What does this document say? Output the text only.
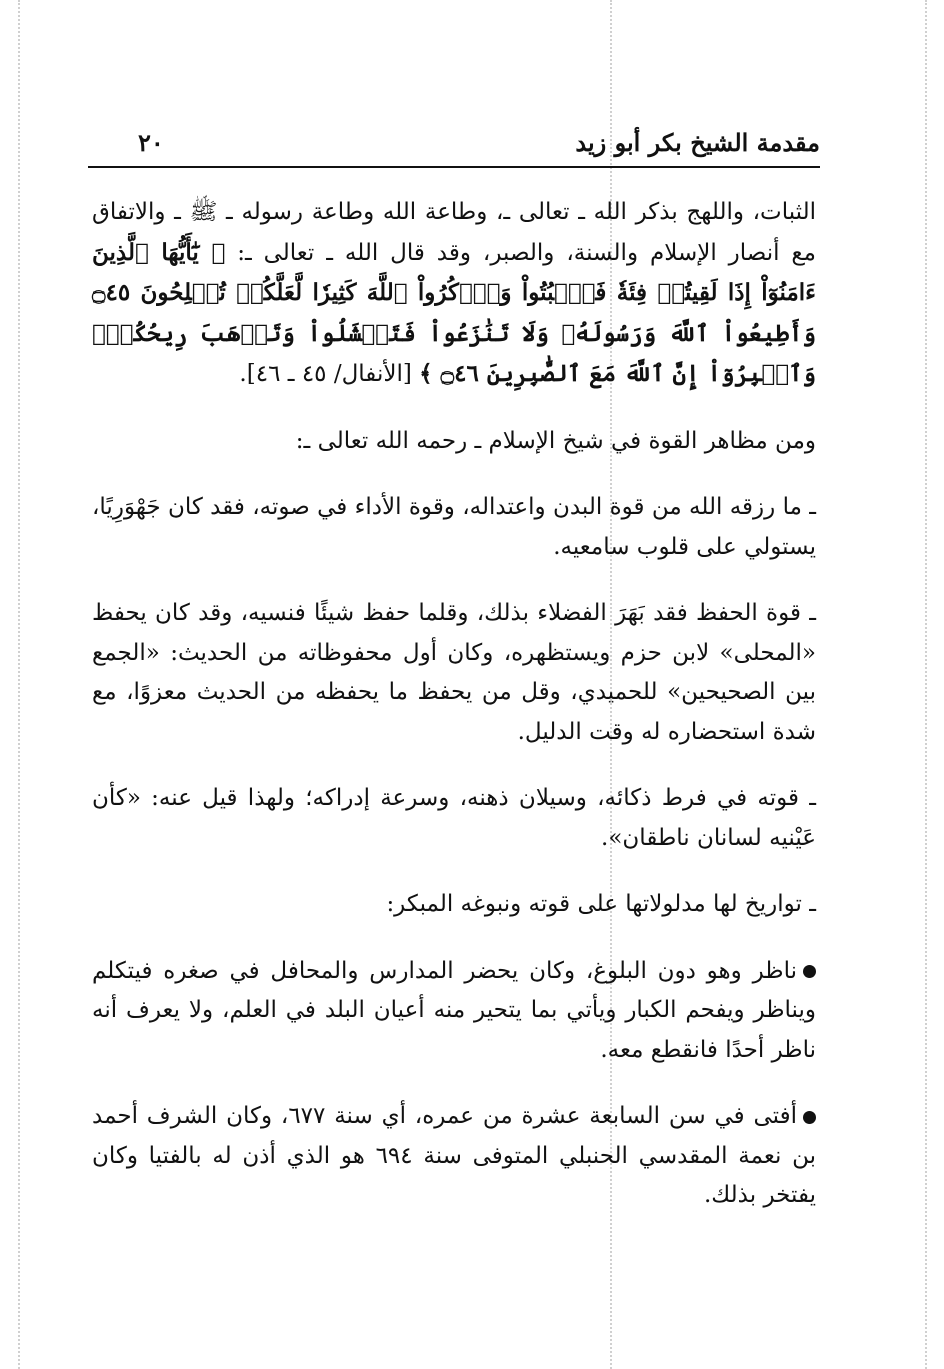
٢٠	مقدمة الشيخ بكر أبو زيد

الثبات، واللهج بذكر الله ـ تعالى ـ، وطاعة الله وطاعة رسوله ـ ﷺ ـ والاتفاق مع أنصار الإسلام والسنة، والصبر، وقد قال الله ـ تعالى ـ: ﴿ يَٰٓأَيُّهَا ٱلَّذِينَ ءَامَنُوٓاْ إِذَا لَقِيتُمۡ فِئَةٗ فَٱثۡبُتُواْ وَٱذۡكُرُواْ ٱللَّهَ كَثِيرٗا لَّعَلَّكُمۡ تُفۡلِحُونَ ۝٤٥ وَأَطِيعُواْ ٱللَّهَ وَرَسُولَهُۥ وَلَا تَنَٰزَعُواْ فَتَفۡشَلُواْ وَتَذۡهَبَ رِيحُكُمۡۖ وَٱصۡبِرُوٓاْ إِنَّ ٱللَّهَ مَعَ ٱلصَّٰبِرِينَ ۝٤٦ ﴾ [الأنفال/ ٤٥ ـ ٤٦].

ومن مظاهر القوة في شيخ الإسلام ـ رحمه الله تعالى ـ:

ـ ما رزقه الله من قوة البدن واعتداله، وقوة الأداء في صوته، فقد كان جَهْوَرِيًا، يستولي على قلوب سامعيه.

ـ قوة الحفظ فقد بَهَرَ الفضلاء بذلك، وقلما حفظ شيئًا فنسيه، وقد كان يحفظ «المحلى» لابن حزم ويستظهره، وكان أول محفوظاته من الحديث: «الجمع بين الصحيحين» للحميدي، وقل من يحفظ ما يحفظه من الحديث معزوًا، مع شدة استحضاره له وقت الدليل.

ـ قوته في فرط ذكائه، وسيلان ذهنه، وسرعة إدراكه؛ ولهذا قيل عنه: «كأن عَيْنيه لسانان ناطقان».

ـ تواريخ لها مدلولاتها على قوته ونبوغه المبكر:

ناظر وهو دون البلوغ، وكان يحضر المدارس والمحافل في صغره فيتكلم ويناظر ويفحم الكبار ويأتي بما يتحير منه أعيان البلد في العلم، ولا يعرف أنه ناظر أحدًا فانقطع معه.

أفتى في سن السابعة عشرة من عمره، أي سنة ٦٧٧، وكان الشرف أحمد بن نعمة المقدسي الحنبلي المتوفى سنة ٦٩٤ هو الذي أذن له بالفتيا وكان يفتخر بذلك.
